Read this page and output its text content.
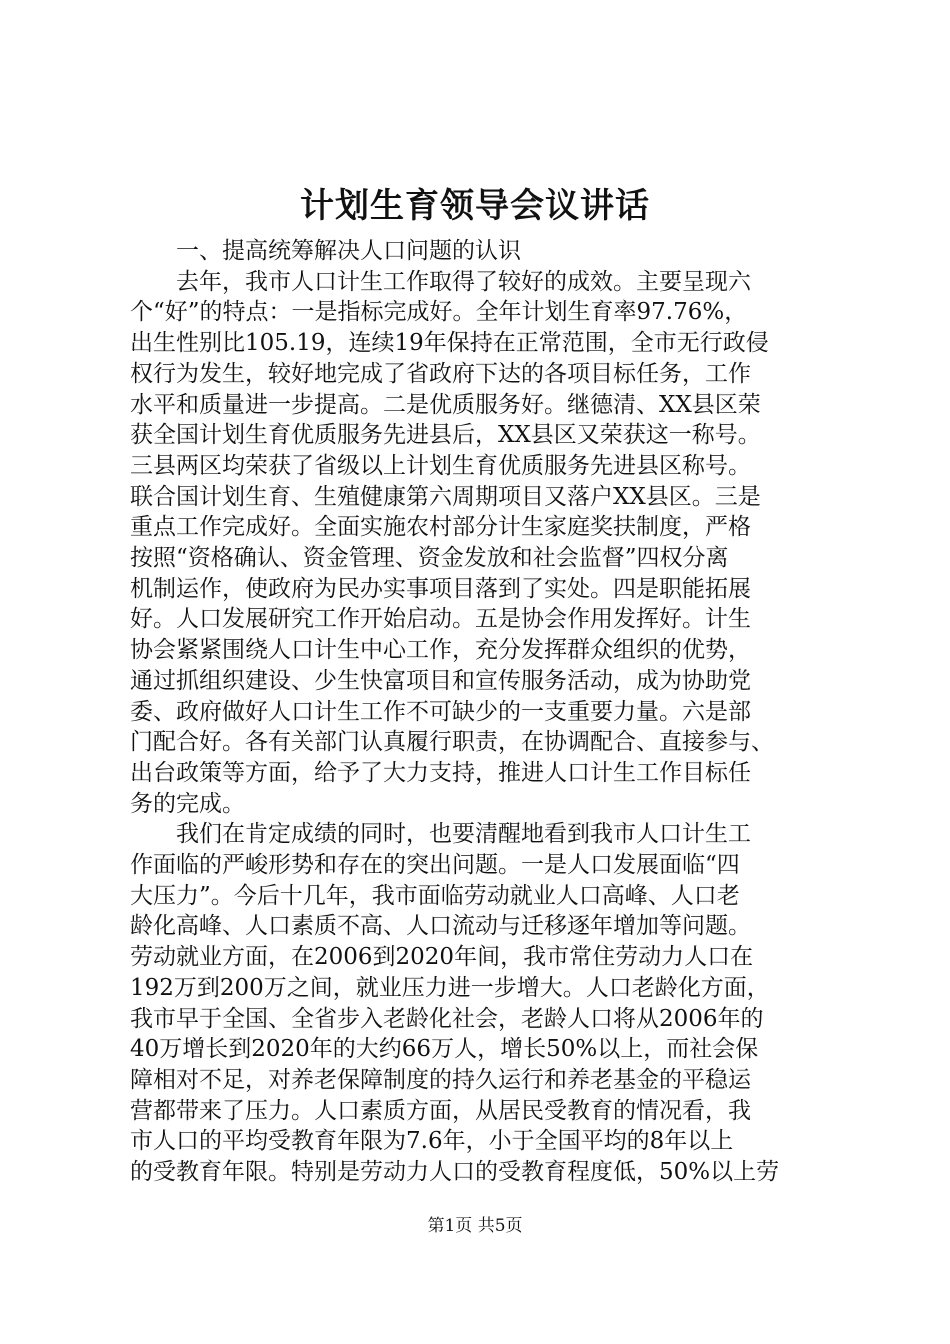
计划生育领导会议讲话

一、提高统筹解决人口问题的认识

去年，我市人口计生工作取得了较好的成效。主要呈现六
个“好”的特点：一是指标完成好。全年计划生育率97.76%，
出生性别比105.19，连续19年保持在正常范围，全市无行政侵
权行为发生，较好地完成了省政府下达的各项目标任务，工作
水平和质量进一步提高。二是优质服务好。继德清、XX县区荣
获全国计划生育优质服务先进县后，XX县区又荣获这一称号。
三县两区均荣获了省级以上计划生育优质服务先进县区称号。
联合国计划生育、生殖健康第六周期项目又落户XX县区。三是
重点工作完成好。全面实施农村部分计生家庭奖扶制度，严格
按照“资格确认、资金管理、资金发放和社会监督”四权分离
机制运作，使政府为民办实事项目落到了实处。四是职能拓展
好。人口发展研究工作开始启动。五是协会作用发挥好。计生
协会紧紧围绕人口计生中心工作，充分发挥群众组织的优势，
通过抓组织建设、少生快富项目和宣传服务活动，成为协助党
委、政府做好人口计生工作不可缺少的一支重要力量。六是部
门配合好。各有关部门认真履行职责，在协调配合、直接参与、
出台政策等方面，给予了大力支持，推进人口计生工作目标任
务的完成。

我们在肯定成绩的同时，也要清醒地看到我市人口计生工
作面临的严峻形势和存在的突出问题。一是人口发展面临“四
大压力”。今后十几年，我市面临劳动就业人口高峰、人口老
龄化高峰、人口素质不高、人口流动与迁移逐年增加等问题。
劳动就业方面，在2006到2020年间，我市常住劳动力人口在
192万到200万之间，就业压力进一步增大。人口老龄化方面，
我市早于全国、全省步入老龄化社会，老龄人口将从2006年的
40万增长到2020年的大约66万人，增长50%以上，而社会保
障相对不足，对养老保障制度的持久运行和养老基金的平稳运
营都带来了压力。人口素质方面，从居民受教育的情况看，我
市人口的平均受教育年限为7.6年，小于全国平均的8年以上
的受教育年限。特别是劳动力人口的受教育程度低，50%以上劳

第1页 共5页
